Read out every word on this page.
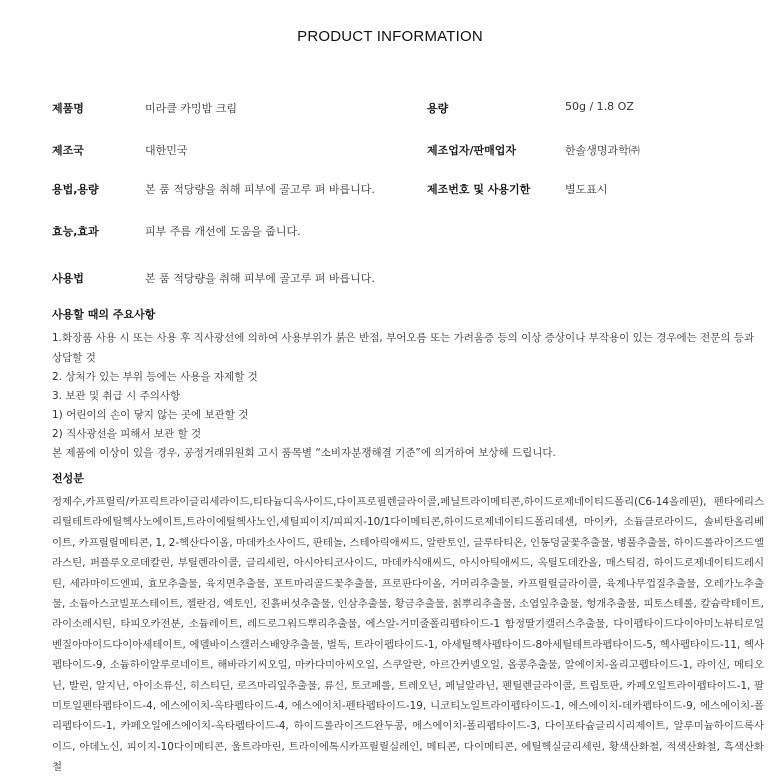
PRODUCT INFORMATION
제품명	미라클 카밍밤 크림	용량	50g / 1.8 OZ
제조국	대한민국	제조업자/판매업자	한솔생명과학㈜
용법,용량	본 품 적당량을 취해 피부에 골고루 펴 바릅니다.	제조번호 및 사용기한	별도표시
효능,효과	피부 주름 개선에 도움을 줍니다.
사용법	본 품 적당량을 취해 피부에 골고루 펴 바릅니다.
사용할 때의 주요사항
1.화장품 사용 시 또는 사용 후 직사광선에 의하여 사용부위가 붉은 반점, 부어오름 또는 가려움증 등의 이상 증상이나 부작용이 있는 경우에는 전문의 등과 상담할 것
2. 상처가 있는 부위 등에는 사용을 자제할 것
3. 보관 및 취급 시 주의사항
1) 어린이의 손이 닿지 않는 곳에 보관할 것
2) 직사광선을 피해서 보관 할 것
본 제품에 이상이 있을 경우, 공정거래위원회 고시 품목별 “소비자분쟁해결 기준”에 의거하여 보상해 드립니다.
전성분
정제수,카프릴릭/카프릭트라이글리세라이드,티타늄디옥사이드,다이프로필렌글라이콜,페닐트라이메티콘,하이드로제네이티드폴리(C6-14올레핀), 펜타에리스리틸테트라에틸헥사노에이트,트라이에틸헥사노인,세틸피이지/피피지-10/1다이메티콘,하이드로제네이티드폴리데센, 마이카, 소듐클로라이드, 솔비탄올리베이트, 카프릴릴메티콘, 1, 2-헥산다이올, 마데카소사이드, 판테놀, 스테아릭애씨드, 알란토인, 글루타티온, 인동덩굴꽃추출물, 병풀추출물, 하이드롤라이즈드엘라스틴, 퍼플루오로데칼린, 부틸렌라이콜, 글리세린, 아시아티코사이드, 마데카식애씨드, 아시아틱애씨드, 옥틸도데칸올, 매스틱검, 하이드로제네이티드레시틴, 세라마이드엔피, 효모추출물, 육지면추출물, 포트마리골드꽃추출물, 프로판다이올, 거머리추출물, 카프릴릴글라이콜, 육계나무껍질추출물, 오레가노추출물, 소듐아스코빌포스테이트, 젤란검, 엑토인, 진흙버섯추출물, 인삼추출물, 황금추출물, 칡뿌리추출물, 소엽잎추출물, 헝개추출물, 피토스테롤, 칼슘락테이트, 라이소레시틴, 타피오카전분, 소듐레이트, 레드로그워드뿌리추출물, 에스알-거미줄폴리펩타이드-1 함정딸기캘러스추출물, 다이펩타이드다이아미노뷰티로일벤질아마이드다이아세테이트, 에델바이스캘러스배양추출물, 벌독, 트라이펩타이드-1, 아세틸헥사펩타이드-8아세틸테트라펩타이드-5, 헥사펩타이드-11, 헥사펩타이드-9, 소듐하이알루로네이트, 해바라기씨오일, 마카다미아씨오일, 스쿠알란, 아르간커넬오일, 올콩추출물, 알에이치-올리고펩타이드-1, 라이신, 메티오닌, 발린, 알지닌, 아이소류신, 히스티딘, 로즈마리잎추출물, 류신, 토코페롤, 트레오닌, 페닐알라닌, 펜틸렌글라이콜, 트립토판, 카페오일트라이펩타이드-1, 팔미토일펜타펩타이드-4, 에스에이치-옥타펩타이드-4, 에스에이치-펜타펩타이드-19, 니코티노일트라이펩타이드-1, 에스에이치-데카펩타이드-9, 에스에이치-폴리펩타이드-1, 카페오일에스에이치-옥타펩타이드-4, 하이드롤라이즈드완두콩, 에스에이치-폴리펩타이드-3, 다이포타슘글리시리제이트, 알루미늄하이드록사이드, 아데노신, 피이지-10다이메티콘, 울트라마린, 트라이에톡시카프릴릴실레인, 메티콘, 다이메티콘, 에틸헥실글리세린, 황색산화철, 적색산화철, 흑색산화철
